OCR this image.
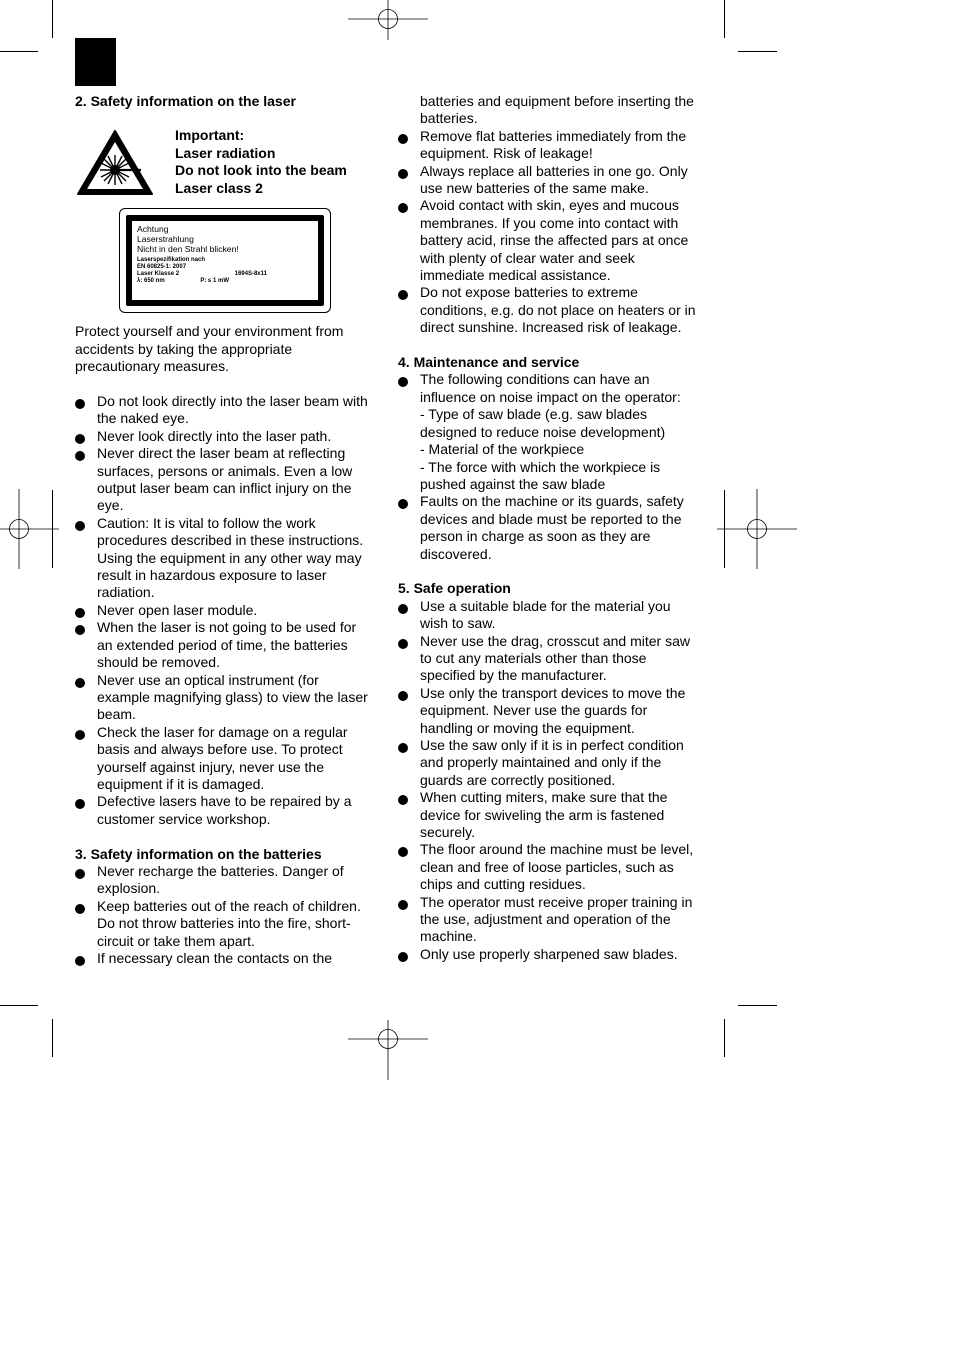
2. Safety information on the laser

Important:
Laser radiation
Do not look into the beam
Laser class 2
Achtung
Laserstrahlung
Nicht in den Strahl blicken!
Laserspezifikation nach
EN 60825-1: 2007
Laser Klasse 2	1694S-8x11
λ: 650 nm	P: ≤ 1 mW

Protect yourself and your environment from
accidents by taking the appropriate
precautionary measures.

Do not look directly into the laser beam with
the naked eye.
Never look directly into the laser path.
Never direct the laser beam at reflecting
surfaces, persons or animals. Even a low
output laser beam can inflict injury on the
eye.
Caution: It is vital to follow the work
procedures described in these instructions.
Using the equipment in any other way may
result in hazardous exposure to laser
radiation.
Never open laser module.
When the laser is not going to be used for
an extended period of time, the batteries
should be removed.
Never use an optical instrument (for
example magnifying glass) to view the laser
beam.
Check the laser for damage on a regular
basis and always before use. To protect
yourself against injury, never use the
equipment if it is damaged.
Defective lasers have to be repaired by a
customer service workshop.

3. Safety information on the batteries

Never recharge the batteries. Danger of
explosion.
Keep batteries out of the reach of children.
Do not throw batteries into the fire, short-
circuit or take them apart.
If necessary clean the contacts on the
batteries and equipment before inserting the
batteries.
Remove flat batteries immediately from the
equipment. Risk of leakage!
Always replace all batteries in one go. Only
use new batteries of the same make.
Avoid contact with skin, eyes and mucous
membranes. If you come into contact with
battery acid, rinse the affected pars at once
with plenty of clear water and seek
immediate medical assistance.
Do not expose batteries to extreme
conditions, e.g. do not place on heaters or in
direct sunshine. Increased risk of leakage.

4. Maintenance and service

The following conditions can have an
influence on noise impact on the operator:
- Type of saw blade (e.g. saw blades
designed to reduce noise development)
- Material of the workpiece
- The force with which the workpiece is
pushed against the saw blade
Faults on the machine or its guards, safety
devices and blade must be reported to the
person in charge as soon as they are
discovered.

5. Safe operation

Use a suitable blade for the material you
wish to saw.
Never use the drag, crosscut and miter saw
to cut any materials other than those
specified by the manufacturer.
Use only the transport devices to move the
equipment. Never use the guards for
handling or moving the equipment.
Use the saw only if it is in perfect condition
and properly maintained and only if the
guards are correctly positioned.
When cutting miters, make sure that the
device for swiveling the arm is fastened
securely.
The floor around the machine must be level,
clean and free of loose particles, such as
chips and cutting residues.
The operator must receive proper training in
the use, adjustment and operation of the
machine.
Only use properly sharpened saw blades.
